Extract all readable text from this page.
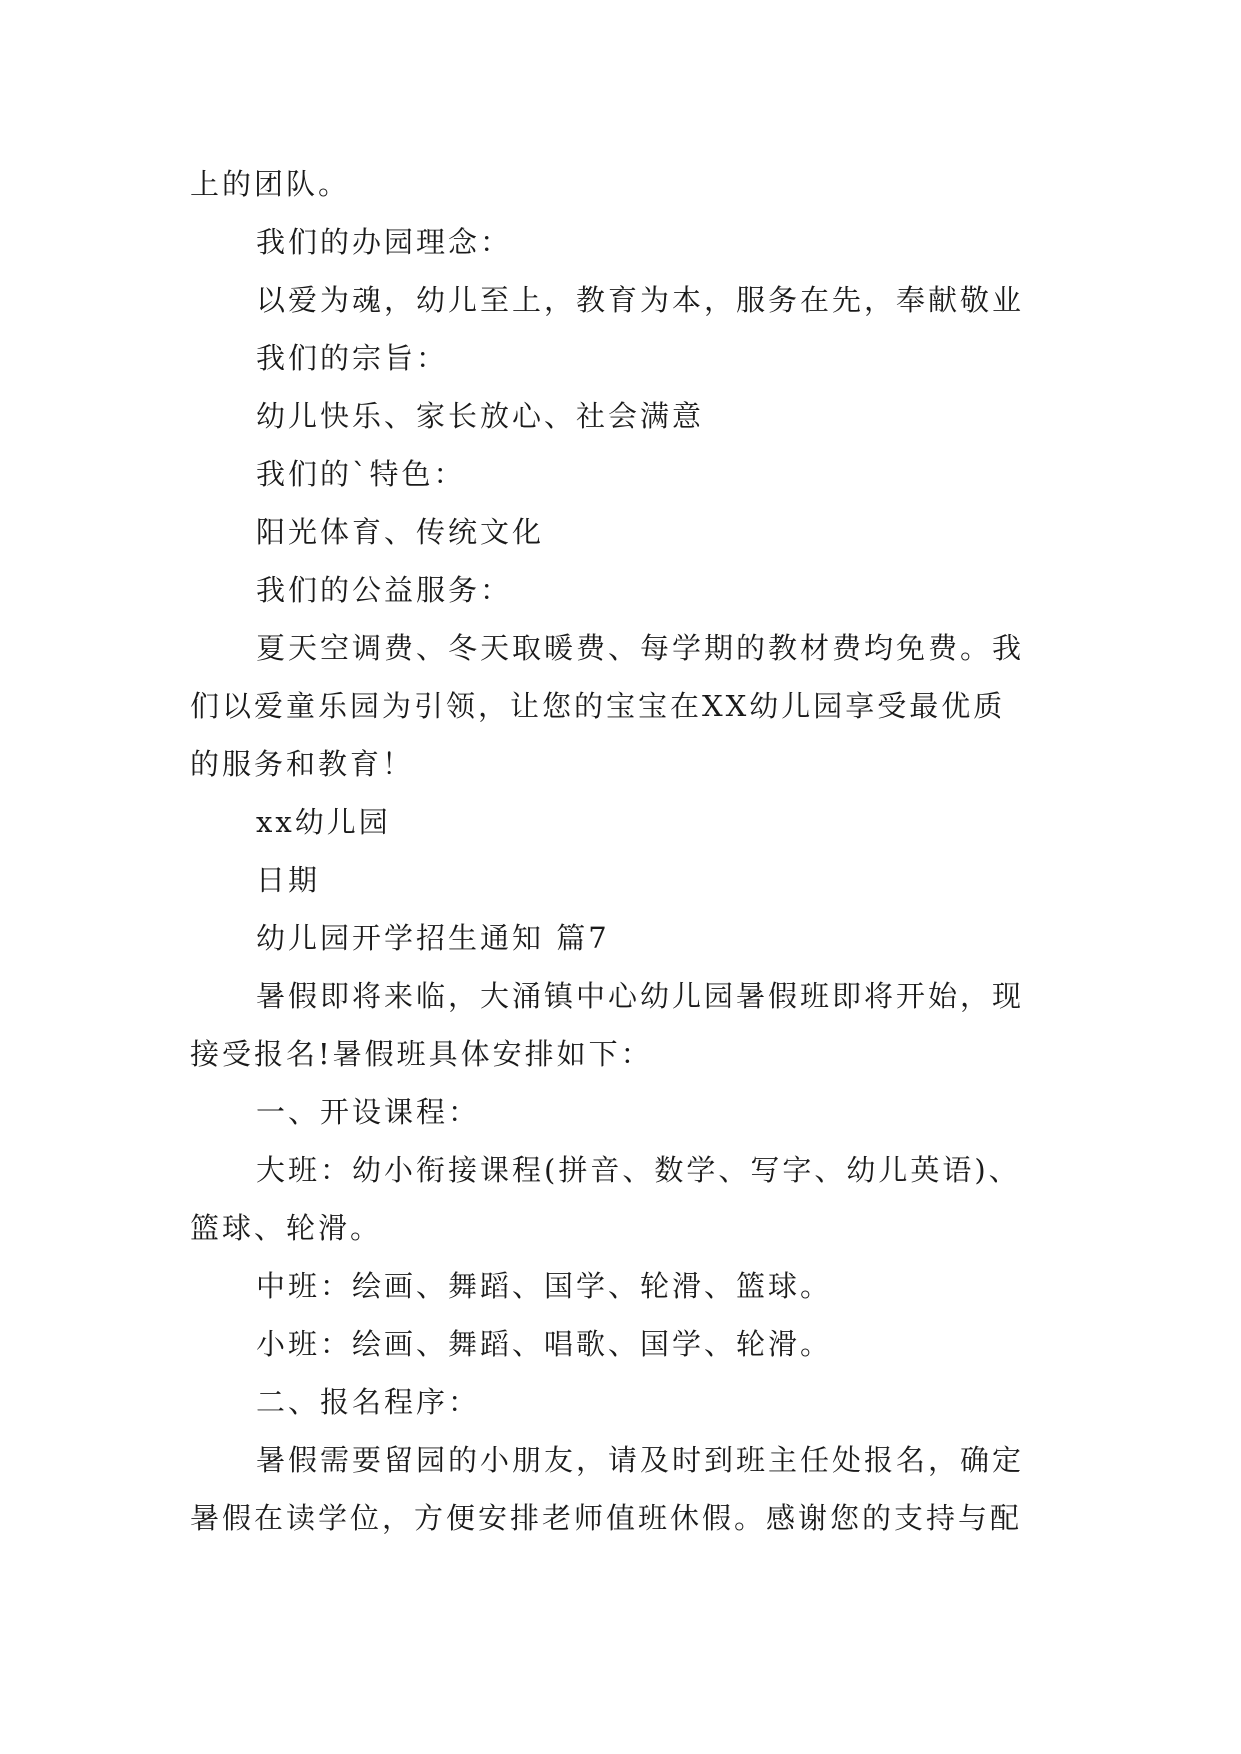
上的团队。
我们的办园理念：
以爱为魂，幼儿至上，教育为本，服务在先，奉献敬业
我们的宗旨：
幼儿快乐、家长放心、社会满意
我们的`特色：
阳光体育、传统文化
我们的公益服务：
夏天空调费、冬天取暖费、每学期的教材费均免费。我
们以爱童乐园为引领，让您的宝宝在XX幼儿园享受最优质
的服务和教育！
xx幼儿园
日期
幼儿园开学招生通知 篇7
暑假即将来临，大涌镇中心幼儿园暑假班即将开始，现
接受报名!暑假班具体安排如下：
一、开设课程：
大班：幼小衔接课程(拼音、数学、写字、幼儿英语)、
篮球、轮滑。
中班：绘画、舞蹈、国学、轮滑、篮球。
小班：绘画、舞蹈、唱歌、国学、轮滑。
二、报名程序：
暑假需要留园的小朋友，请及时到班主任处报名，确定
暑假在读学位，方便安排老师值班休假。感谢您的支持与配
